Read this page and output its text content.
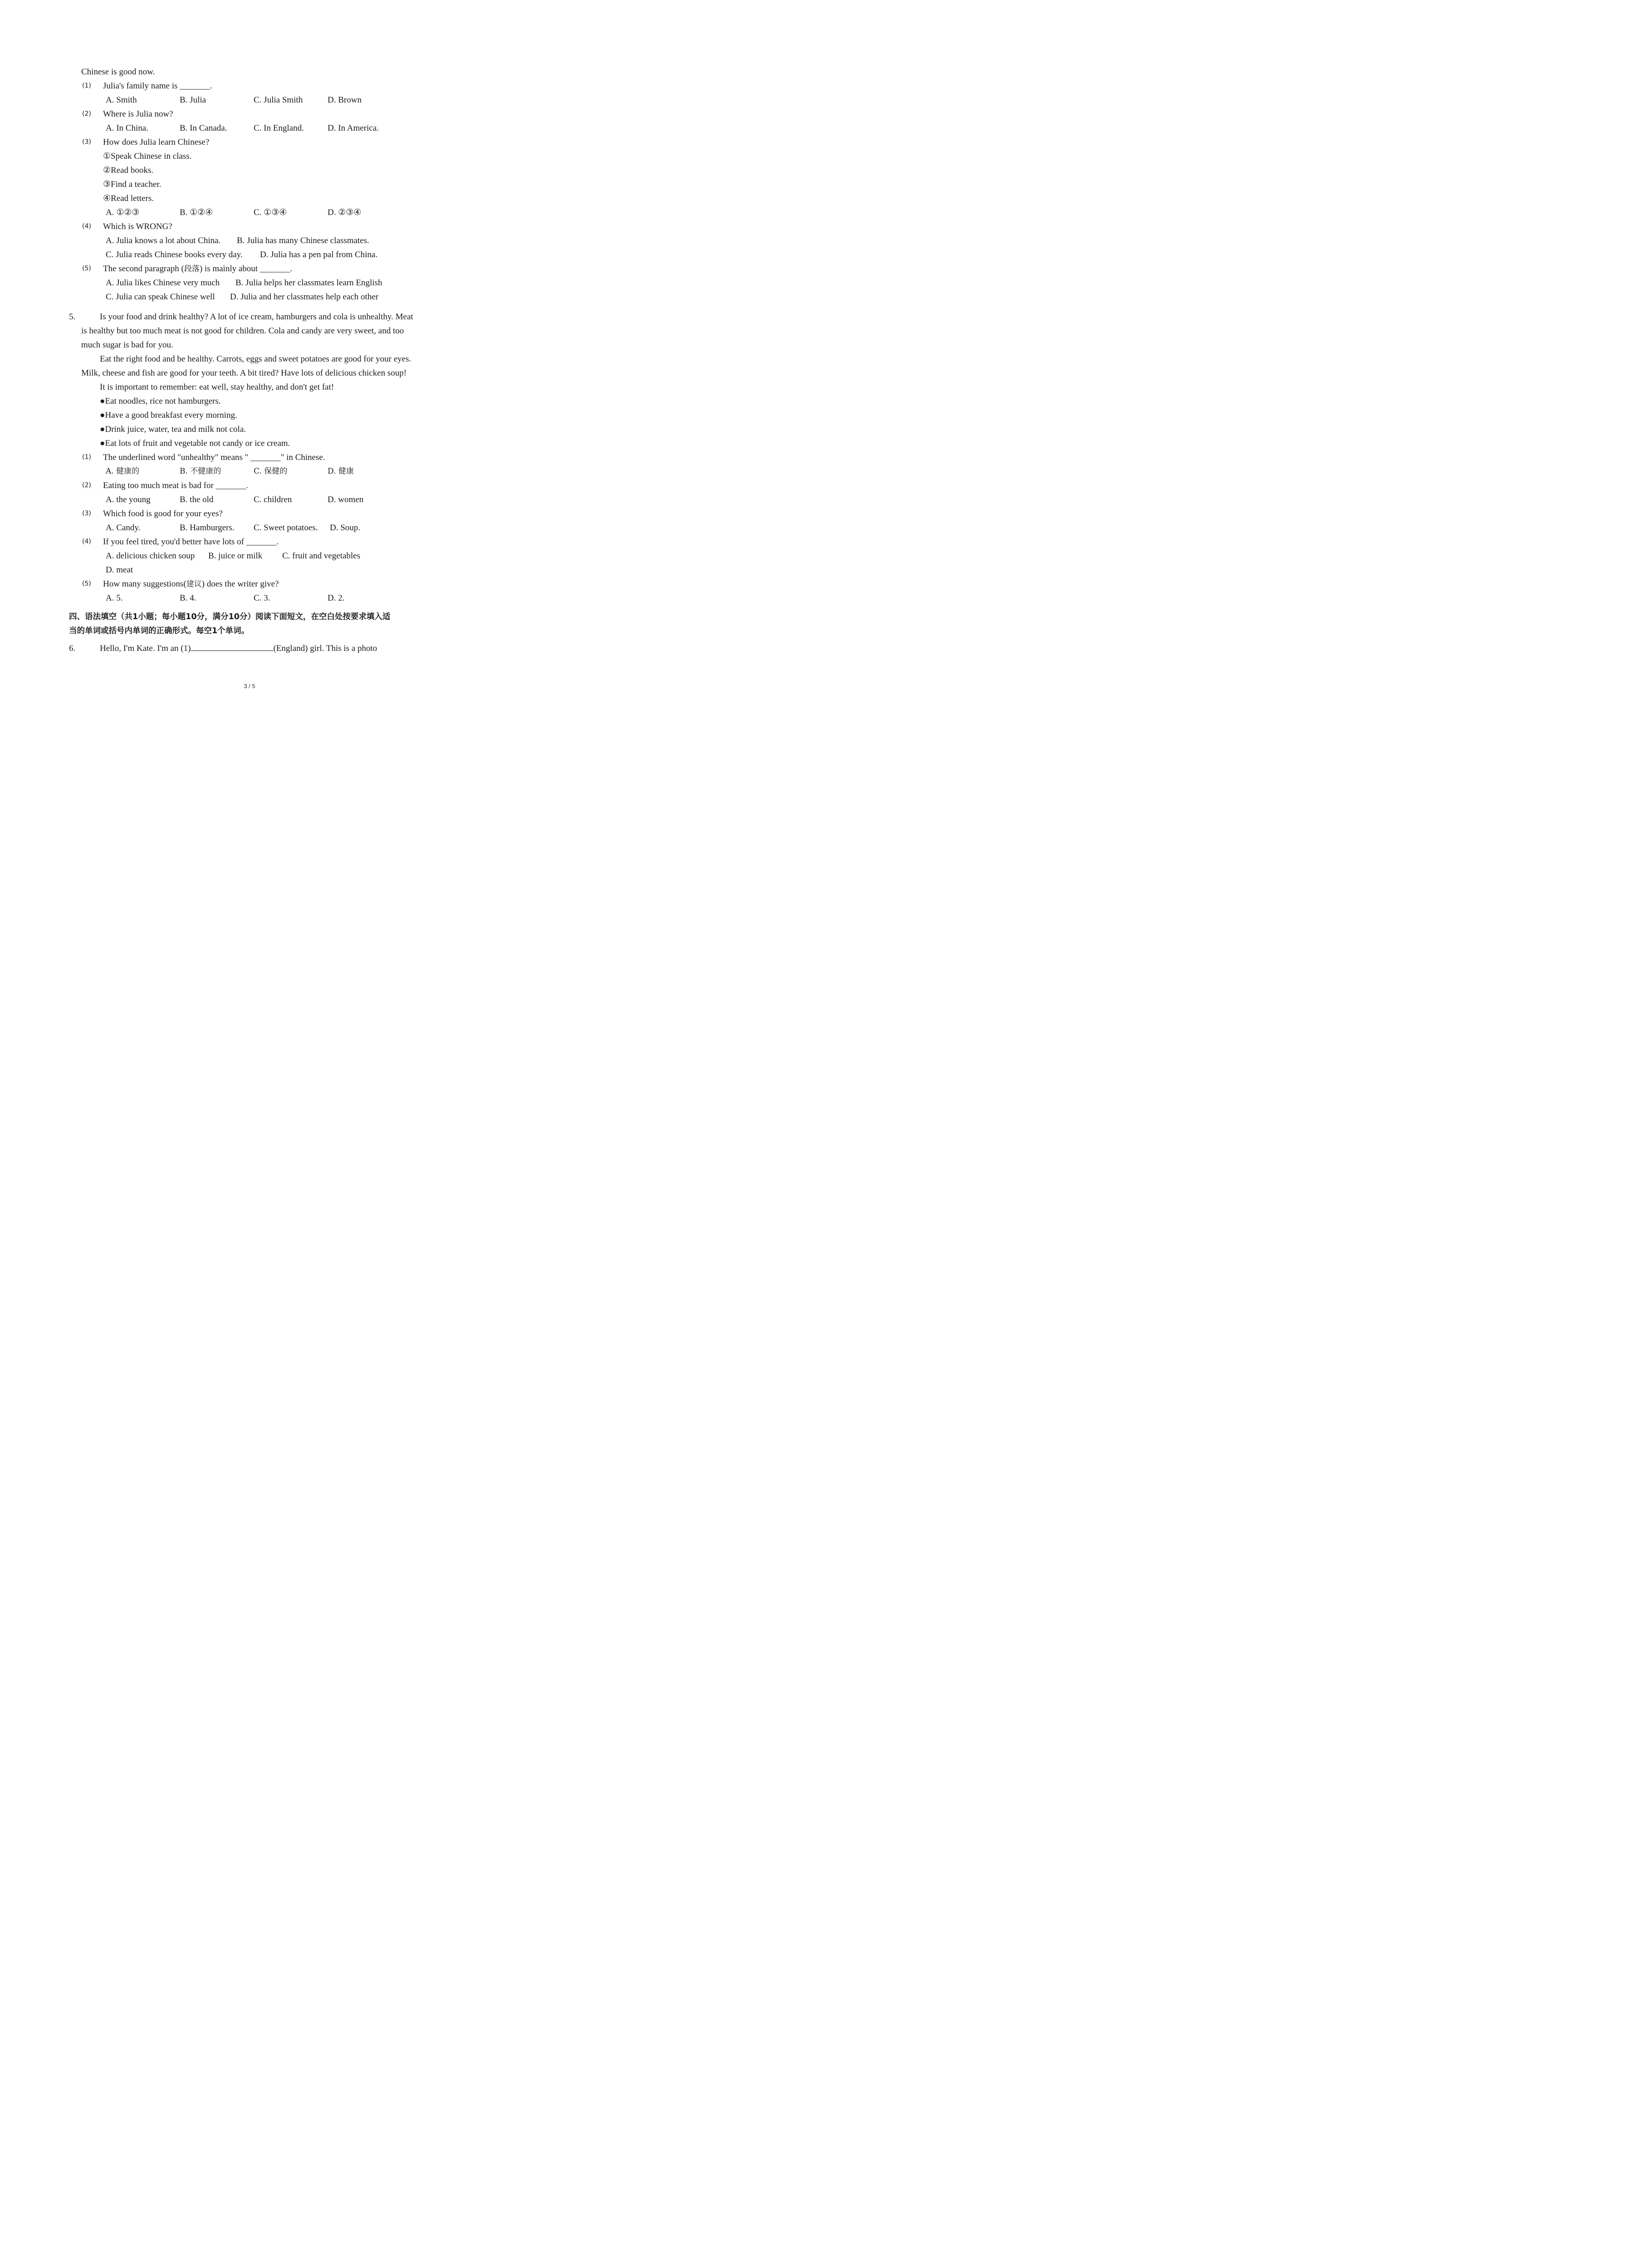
Chinese is good now.
(1) Julia's family name is _______.
A. Smith	B. Julia	C. Julia Smith	D. Brown
(2) Where is Julia now?
A. In China.	B. In Canada.	C. In England.	D. In America.
(3) How does Julia learn Chinese?
①Speak Chinese in class.
②Read books.
③Find a teacher.
④Read letters.
A. ①②③	B. ①②④	C. ①③④	D. ②③④
(4) Which is WRONG?
A. Julia knows a lot about China. B. Julia has many Chinese classmates.
C. Julia reads Chinese books every day. D. Julia has a pen pal from China.
(5) The second paragraph (段落) is mainly about _______.
A. Julia likes Chinese very much B. Julia helps her classmates learn English
C. Julia can speak Chinese well D. Julia and her classmates help each other
5.	Is your food and drink healthy? A lot of ice cream, hamburgers and cola is unhealthy. Meat
is healthy but too much meat is not good for children. Cola and candy are very sweet, and too
much sugar is bad for you.
Eat the right food and be healthy. Carrots, eggs and sweet potatoes are good for your eyes.
Milk, cheese and fish are good for your teeth. A bit tired? Have lots of delicious chicken soup!
It is important to remember: eat well, stay healthy, and don't get fat!
●Eat noodles, rice not hamburgers.
●Have a good breakfast every morning.
●Drink juice, water, tea and milk not cola.
●Eat lots of fruit and vegetable not candy or ice cream.
(1) The underlined word "unhealthy" means " _______" in Chinese.
A. 健康的	B. 不健康的	C. 保健的	D. 健康
(2) Eating too much meat is bad for _______.
A. the young	B. the old	C. children	D. women
(3) Which food is good for your eyes?
A. Candy.	B. Hamburgers. C. Sweet potatoes. D. Soup.
(4) If you feel tired, you'd better have lots of _______.
A. delicious chicken soup B. juice or milk C. fruit and vegetables
D. meat
(5) How many suggestions(建议) does the writer give?
A. 5.	B. 4.	C. 3.	D. 2.
四、语法填空（共1小题；每小题10分，满分10分）阅读下面短文，在空白处按要求填入适
当的单词或括号内单词的正确形式。每空1个单词。
6.	Hello, I'm Kate. I'm an (1)	(England) girl. This is a photo
3 / 5
